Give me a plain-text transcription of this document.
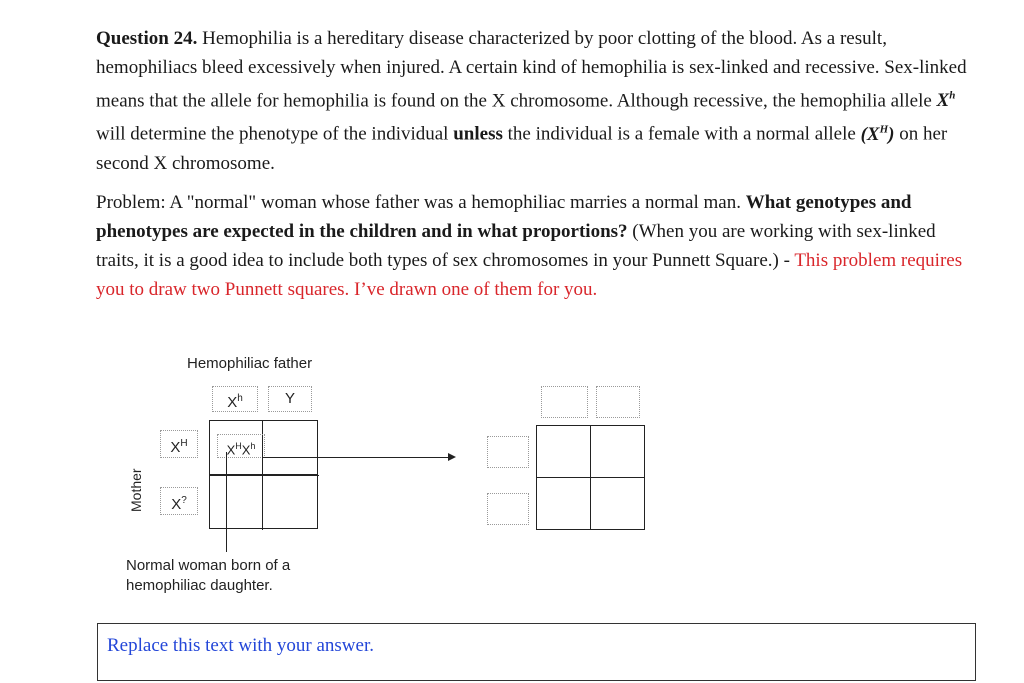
Question 24. Hemophilia is a hereditary disease characterized by poor clotting of the blood. As a result, hemophiliacs bleed excessively when injured. A certain kind of hemophilia is sex-linked and recessive. Sex-linked means that the allele for hemophilia is found on the X chromosome. Although recessive, the hemophilia allele $X^h$ will determine the phenotype of the individual unless the individual is a female with a normal allele $(X^H)$ on her second X chromosome.

Problem: A "normal" woman whose father was a hemophiliac marries a normal man. What genotypes and phenotypes are expected in the children and in what proportions? (When you are working with sex-linked traits, it is a good idea to include both types of sex chromosomes in your Punnett Square.) - This problem requires you to draw two Punnett squares. I’ve drawn one of them for you.

Hemophiliac father
$X^h$	Y
Mother
$X^H$
X?
$X^HX^h$
Normal woman born of a
hemophiliac daughter.
Replace this text with your answer.
